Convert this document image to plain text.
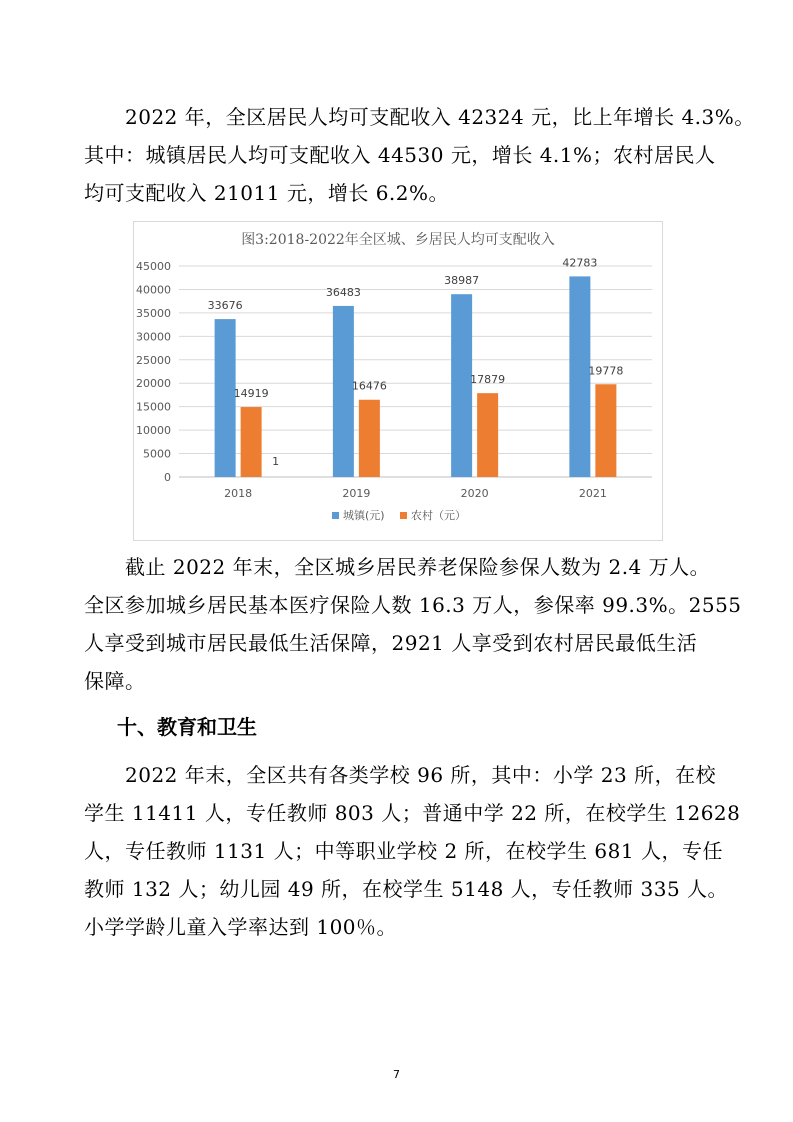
　　2022 年，全区居民人均可支配收入 42324 元，比上年增长 4.3%。
其中：城镇居民人均可支配收入 44530 元，增长 4.1%；农村居民人
均可支配收入 21011 元，增长 6.2%。
图3:2018-2022年全区城、乡居民人均可支配收入
0
5000
10000
15000
20000
25000
30000
35000
40000
45000
2018
33676
14919
2019
36483
16476
2020
38987
17879
2021
42783
19778
1
城镇(元) 农村（元）
　　截止 2022 年末，全区城乡居民养老保险参保人数为 2.4 万人。
全区参加城乡居民基本医疗保险人数 16.3 万人，参保率 99.3%。2555
人享受到城市居民最低生活保障，2921 人享受到农村居民最低生活
保障。
十、教育和卫生
　　2022 年末，全区共有各类学校 96 所，其中：小学 23 所，在校
学生 11411 人，专任教师 803 人；普通中学 22 所，在校学生 12628
人，专任教师 1131 人；中等职业学校 2 所，在校学生 681 人，专任
教师 132 人；幼儿园 49 所，在校学生 5148 人，专任教师 335 人。
小学学龄儿童入学率达到 100％。
7
